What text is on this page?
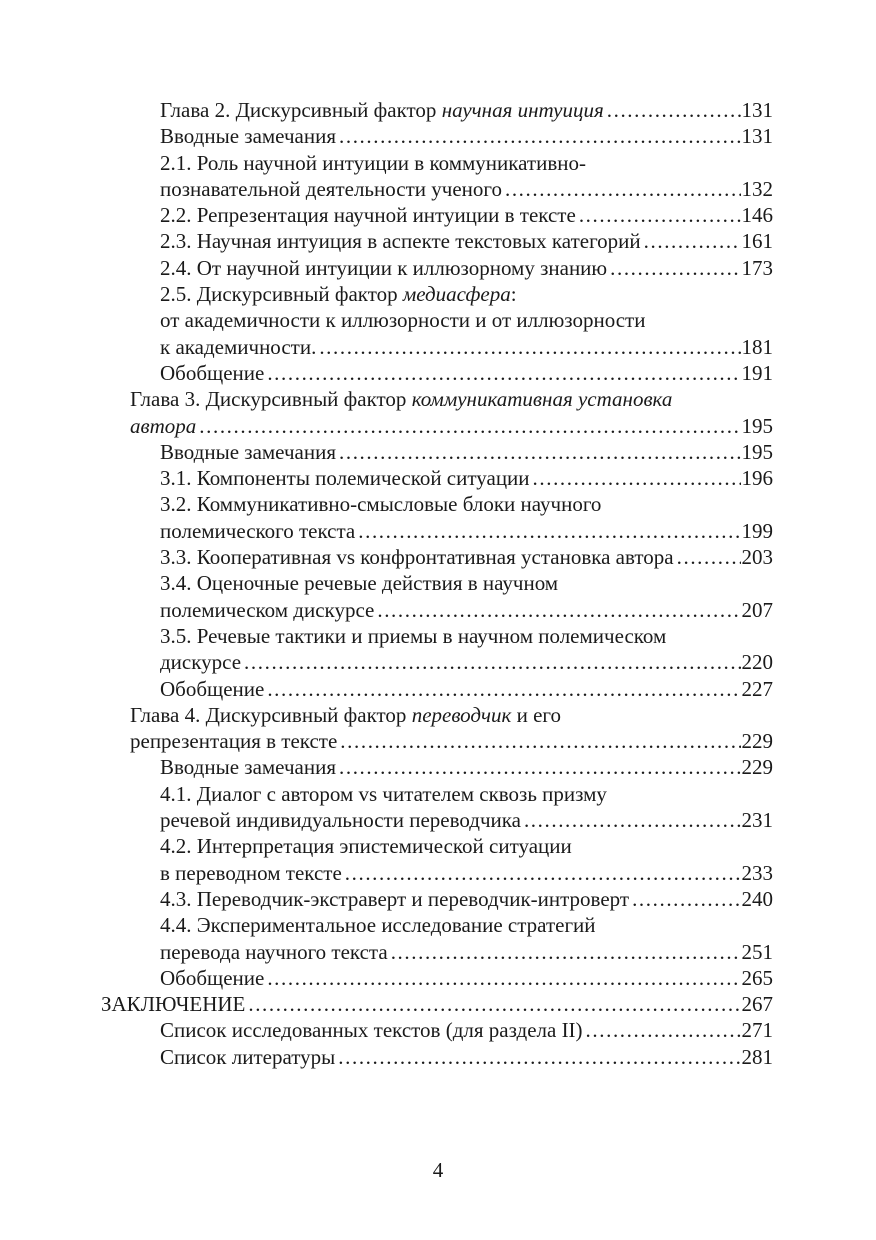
Глава 2. Дискурсивный фактор научная интуиция .....	131
Вводные замечания .....	131
2.1. Роль научной интуиции в коммуникативно-
познавательной деятельности ученого .....	132
2.2. Репрезентация научной интуиции в тексте .....	146
2.3. Научная интуиция в аспекте текстовых категорий .....	161
2.4. От научной интуиции к иллюзорному знанию .....	173
2.5. Дискурсивный фактор медиасфера:
от академичности к иллюзорности и от иллюзорности
к академичности. .....	181
Обобщение .....	191
Глава 3. Дискурсивный фактор коммуникативная установка
автора .....	195
Вводные замечания .....	195
3.1. Компоненты полемической ситуации .....	196
3.2. Коммуникативно-смысловые блоки научного
полемического текста .....	199
3.3. Кооперативная vs конфронтативная установка автора .....	203
3.4. Оценочные речевые действия в научном
полемическом дискурсе .....	207
3.5. Речевые тактики и приемы в научном полемическом
дискурсе .....	220
Обобщение .....	227
Глава 4. Дискурсивный фактор переводчик и его
репрезентация в тексте .....	229
Вводные замечания .....	229
4.1. Диалог с автором vs читателем сквозь призму
речевой индивидуальности переводчика .....	231
4.2. Интерпретация эпистемической ситуации
в переводном тексте .....	233
4.3. Переводчик-экстраверт и переводчик-интроверт .....	240
4.4. Экспериментальное исследование стратегий
перевода научного текста .....	251
Обобщение .....	265
ЗАКЛЮЧЕНИЕ .....	267
Список исследованных текстов (для раздела II) .....	271
Список литературы .....	281
4
